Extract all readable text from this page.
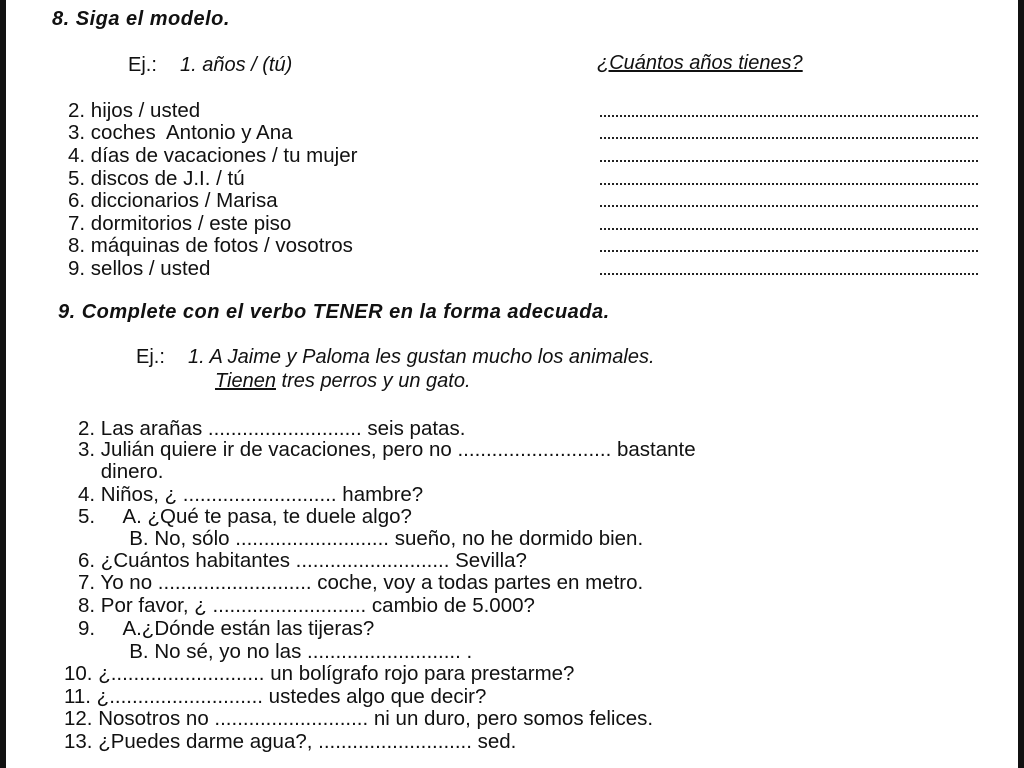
8. Siga el modelo.
Ej.: 1. años / (tú)	¿Cuántos años tienes?
2. hijos / usted
3. coches  Antonio y Ana
4. días de vacaciones / tu mujer
5. discos de J.I. / tú
6. diccionarios / Marisa
7. dormitorios / este piso
8. máquinas de fotos / vosotros
9. sellos / usted
9. Complete con el verbo TENER en la forma adecuada.
Ej.: 1. A Jaime y Paloma les gustan mucho los animales.
Tienen tres perros y un gato.
2. Las arañas ........................... seis patas.
3. Julián quiere ir de vacaciones, pero no ........................... bastante
dinero.
4. Niños, ¿ ........................... hambre?
5.     A. ¿Qué te pasa, te duele algo?
B. No, sólo ........................... sueño, no he dormido bien.
6. ¿Cuántos habitantes ........................... Sevilla?
7. Yo no ........................... coche, voy a todas partes en metro.
8. Por favor, ¿ ........................... cambio de 5.000?
9.     A.¿Dónde están las tijeras?
B. No sé, yo no las ........................... .
10. ¿........................... un bolígrafo rojo para prestarme?
11. ¿........................... ustedes algo que decir?
12. Nosotros no ........................... ni un duro, pero somos felices.
13. ¿Puedes darme agua?, ........................... sed.
